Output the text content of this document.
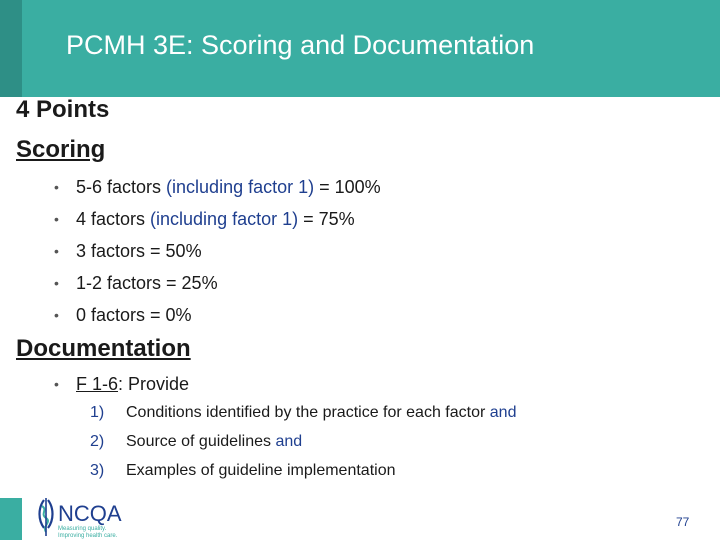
PCMH 3E: Scoring and Documentation
4 Points
Scoring
• 5-6 factors (including factor 1) = 100%
• 4 factors (including factor 1) = 75%
• 3 factors = 50%
• 1-2 factors = 25%
• 0 factors = 0%
Documentation
• F 1-6: Provide
1) Conditions identified by the practice for each factor and
2) Source of guidelines and
3) Examples of guideline implementation
NCQA
Measuring quality.
Improving health care.
77
